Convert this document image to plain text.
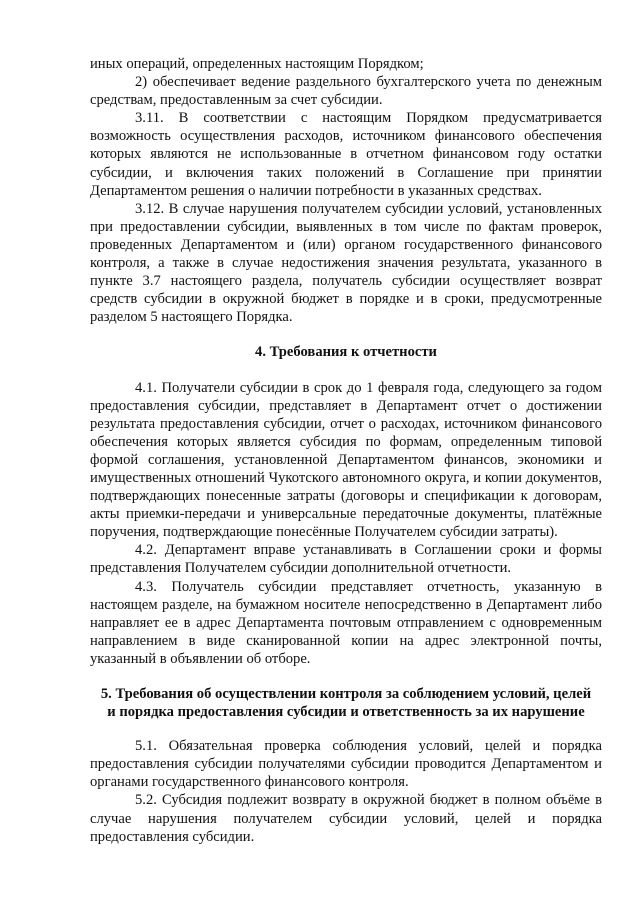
иных операций, определенных настоящим Порядком;

2) обеспечивает ведение раздельного бухгалтерского учета по денежным средствам, предоставленным за счет субсидии.

3.11. В соответствии с настоящим Порядком предусматривается возможность осуществления расходов, источником финансового обеспечения которых являются не использованные в отчетном финансовом году остатки субсидии, и включения таких положений в Соглашение при принятии Департаментом решения о наличии потребности в указанных средствах.

3.12. В случае нарушения получателем субсидии условий, установленных при предоставлении субсидии, выявленных в том числе по фактам проверок, проведенных Департаментом и (или) органом государственного финансового контроля, а также в случае недостижения значения результата, указанного в пункте 3.7 настоящего раздела, получатель субсидии осуществляет возврат средств субсидии в окружной бюджет в порядке и в сроки, предусмотренные разделом 5 настоящего Порядка.

4. Требования к отчетности

4.1. Получатели субсидии в срок до 1 февраля года, следующего за годом предоставления субсидии, представляет в Департамент отчет о достижении результата предоставления субсидии, отчет о расходах, источником финансового обеспечения которых является субсидия по формам, определенным типовой формой соглашения, установленной Департаментом финансов, экономики и имущественных отношений Чукотского автономного округа, и копии документов, подтверждающих понесенные затраты (договоры и спецификации к договорам, акты приемки-передачи и универсальные передаточные документы, платёжные поручения, подтверждающие понесённые Получателем субсидии затраты).

4.2. Департамент вправе устанавливать в Соглашении сроки и формы представления Получателем субсидии дополнительной отчетности.

4.3. Получатель субсидии представляет отчетность, указанную в настоящем разделе, на бумажном носителе непосредственно в Департамент либо направляет ее в адрес Департамента почтовым отправлением с одновременным направлением в виде сканированной копии на адрес электронной почты, указанный в объявлении об отборе.

5. Требования об осуществлении контроля за соблюдением условий, целей
и порядка предоставления субсидии и ответственность за их нарушение

5.1. Обязательная проверка соблюдения условий, целей и порядка предоставления субсидии получателями субсидии проводится Департаментом и органами государственного финансового контроля.

5.2. Субсидия подлежит возврату в окружной бюджет в полном объёме в случае нарушения получателем субсидии условий, целей и порядка предоставления субсидии.
